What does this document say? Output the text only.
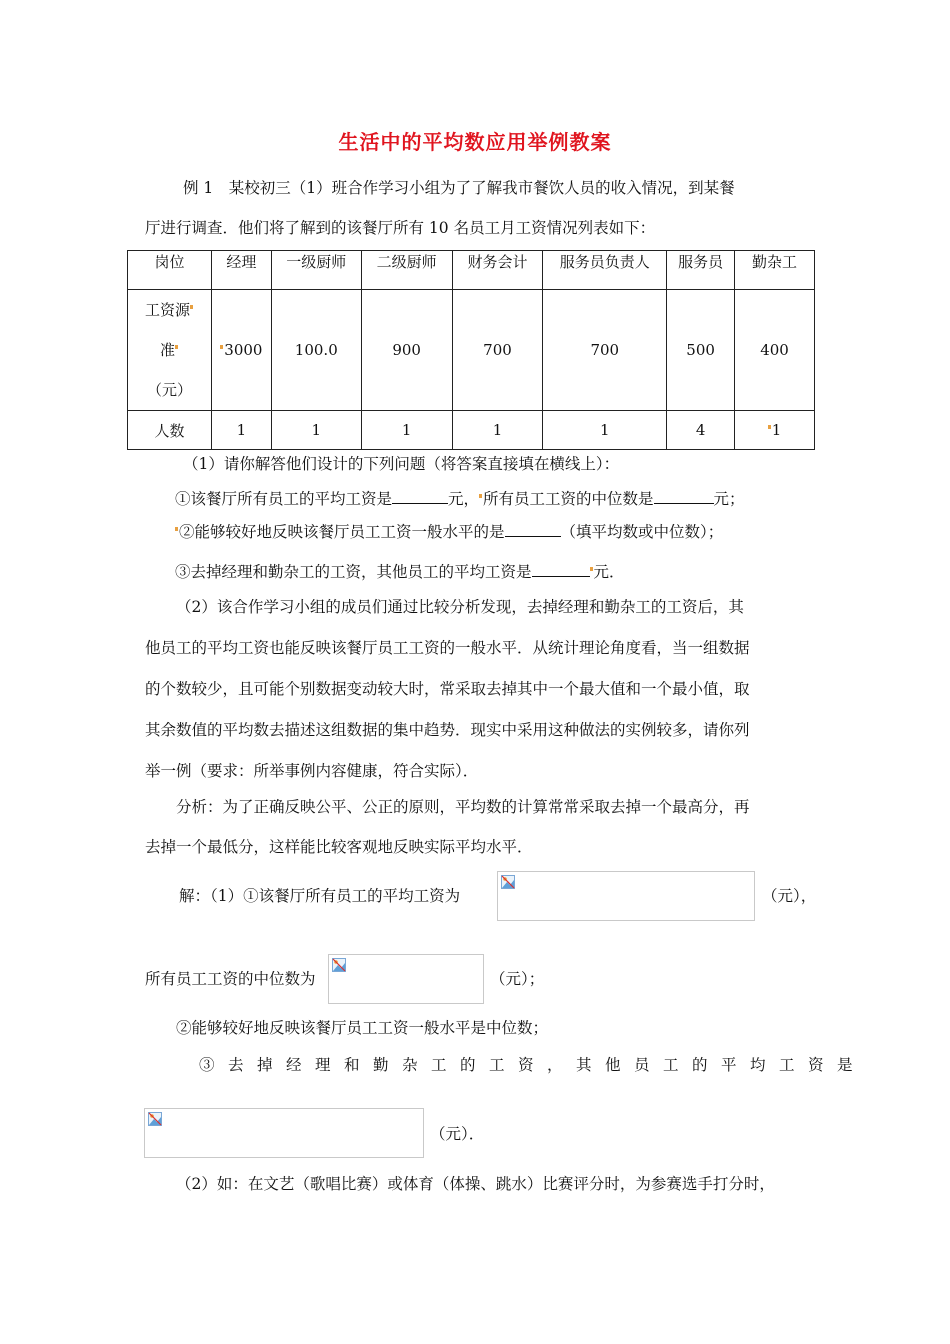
生活中的平均数应用举例教案
例 1　某校初三（1）班合作学习小组为了了解我市餐饮人员的收入情况，到某餐
厅进行调查．他们将了解到的该餐厅所有 10 名员工月工资情况列表如下：
岗位	经理	一级厨师	二级厨师	财务会计	服务员负责人	服务员	勤杂工

工资源
准
（元）	3000	100.0	900	700	700	500	400
人数	1	1	1	1	1	4	1
（1）请你解答他们设计的下列问题（将答案直接填在横线上）：
①该餐厅所有员工的平均工资是	元， 所有员工工资的中位数是	元；
②能够较好地反映该餐厅员工工资一般水平的是	（填平均数或中位数）；
③去掉经理和勤杂工的工资，其他员工的平均工资是	元．
（2）该合作学习小组的成员们通过比较分析发现，去掉经理和勤杂工的工资后，其
他员工的平均工资也能反映该餐厅员工工资的一般水平．从统计理论角度看，当一组数据
的个数较少，且可能个别数据变动较大时，常采取去掉其中一个最大值和一个最小值，取
其余数值的平均数去描述这组数据的集中趋势．现实中采用这种做法的实例较多，请你列
举一例（要求：所举事例内容健康，符合实际）．
分析：为了正确反映公平、公正的原则，平均数的计算常常采取去掉一个最高分，再
去掉一个最低分，这样能比较客观地反映实际平均水平．
解：（1）①该餐厅所有员工的平均工资为	（元），
所有员工工资的中位数为	（元）；
②能够较好地反映该餐厅员工工资一般水平是中位数；
③去掉经理和勤杂工的工资，其他员工的平均工资是
（元）．
（2）如：在文艺（歌唱比赛）或体育（体操、跳水）比赛评分时，为参赛选手打分时，
